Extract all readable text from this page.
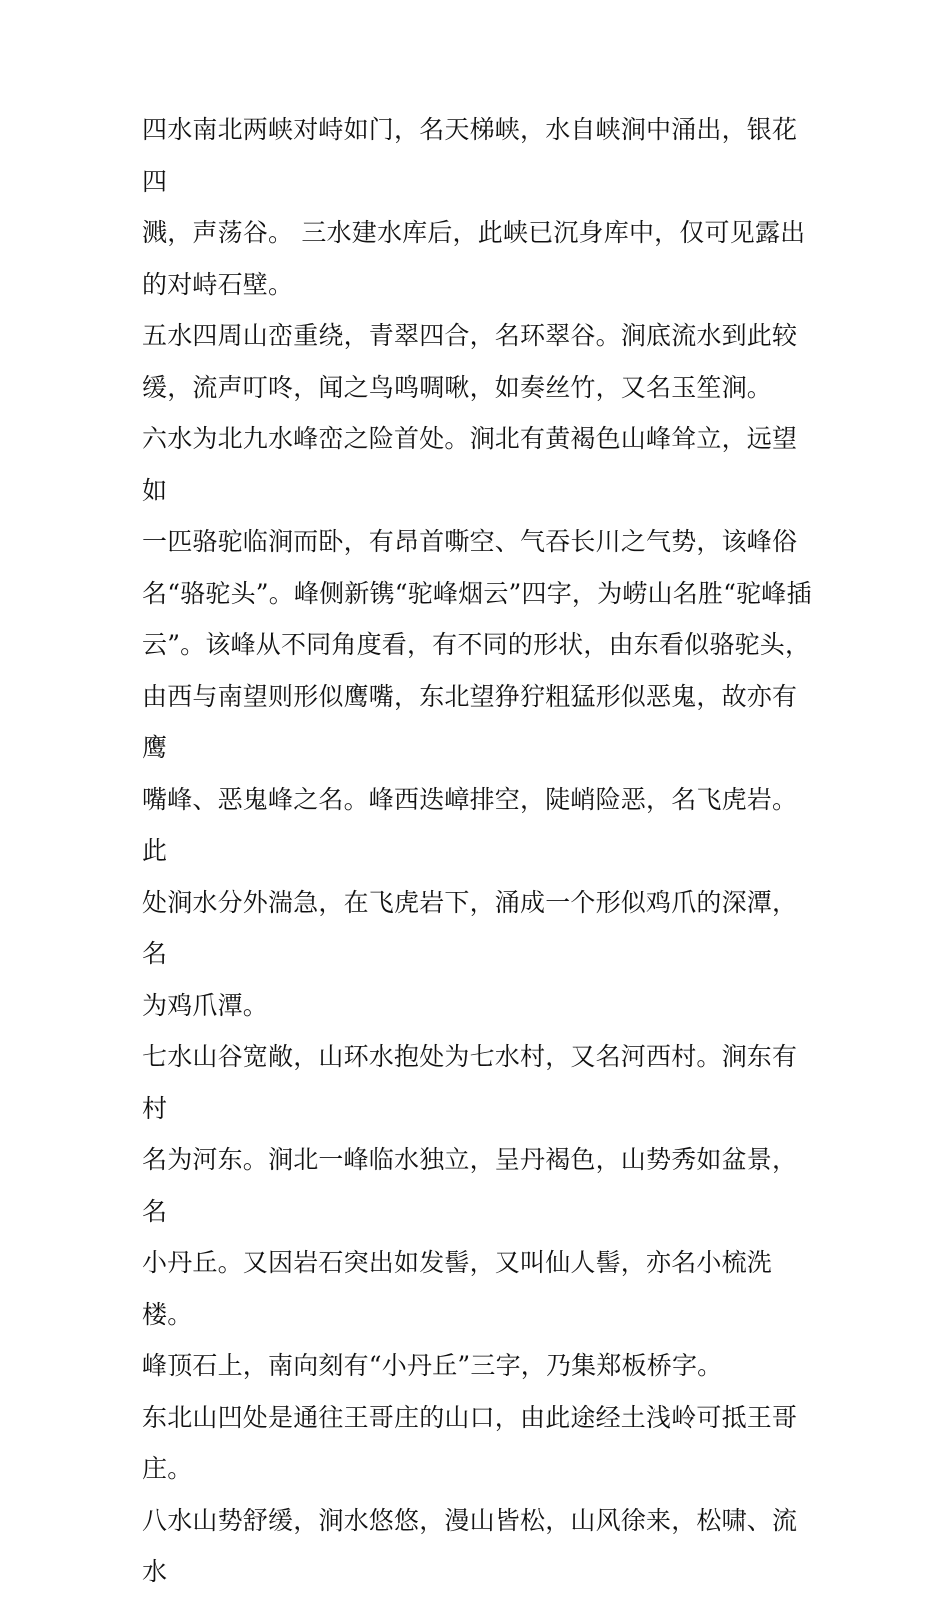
四水南北两峡对峙如门，名天梯峡，水自峡涧中涌出，银花四
溅，声荡谷。 三水建水库后，此峡已沉身库中，仅可见露出
的对峙石壁。

五水四周山峦重绕，青翠四合，名环翠谷。涧底流水到此较
缓，流声叮咚，闻之鸟鸣啁啾，如奏丝竹，又名玉笙涧。

六水为北九水峰峦之险首处。涧北有黄褐色山峰耸立，远望如
一匹骆驼临涧而卧，有昂首嘶空、气吞长川之气势，该峰俗
名“骆驼头”。峰侧新镌“驼峰烟云”四字，为崂山名胜“驼峰插
云”。该峰从不同角度看，有不同的形状，由东看似骆驼头，
由西与南望则形似鹰嘴，东北望狰狞粗猛形似恶鬼，故亦有鹰
嘴峰、恶鬼峰之名。峰西迭嶂排空，陡峭险恶，名飞虎岩。此
处涧水分外湍急，在飞虎岩下，涌成一个形似鸡爪的深潭，名
为鸡爪潭。

七水山谷宽敞，山环水抱处为七水村，又名河西村。涧东有村
名为河东。涧北一峰临水独立，呈丹褐色，山势秀如盆景，名
小丹丘。又因岩石突出如发髻，又叫仙人髻，亦名小梳洗楼。
峰顶石上，南向刻有“小丹丘”三字，乃集郑板桥字。

东北山凹处是通往王哥庄的山口，由此途经土浅岭可抵王哥
庄。

八水山势舒缓，涧水悠悠，漫山皆松，山风徐来，松啸、流水
